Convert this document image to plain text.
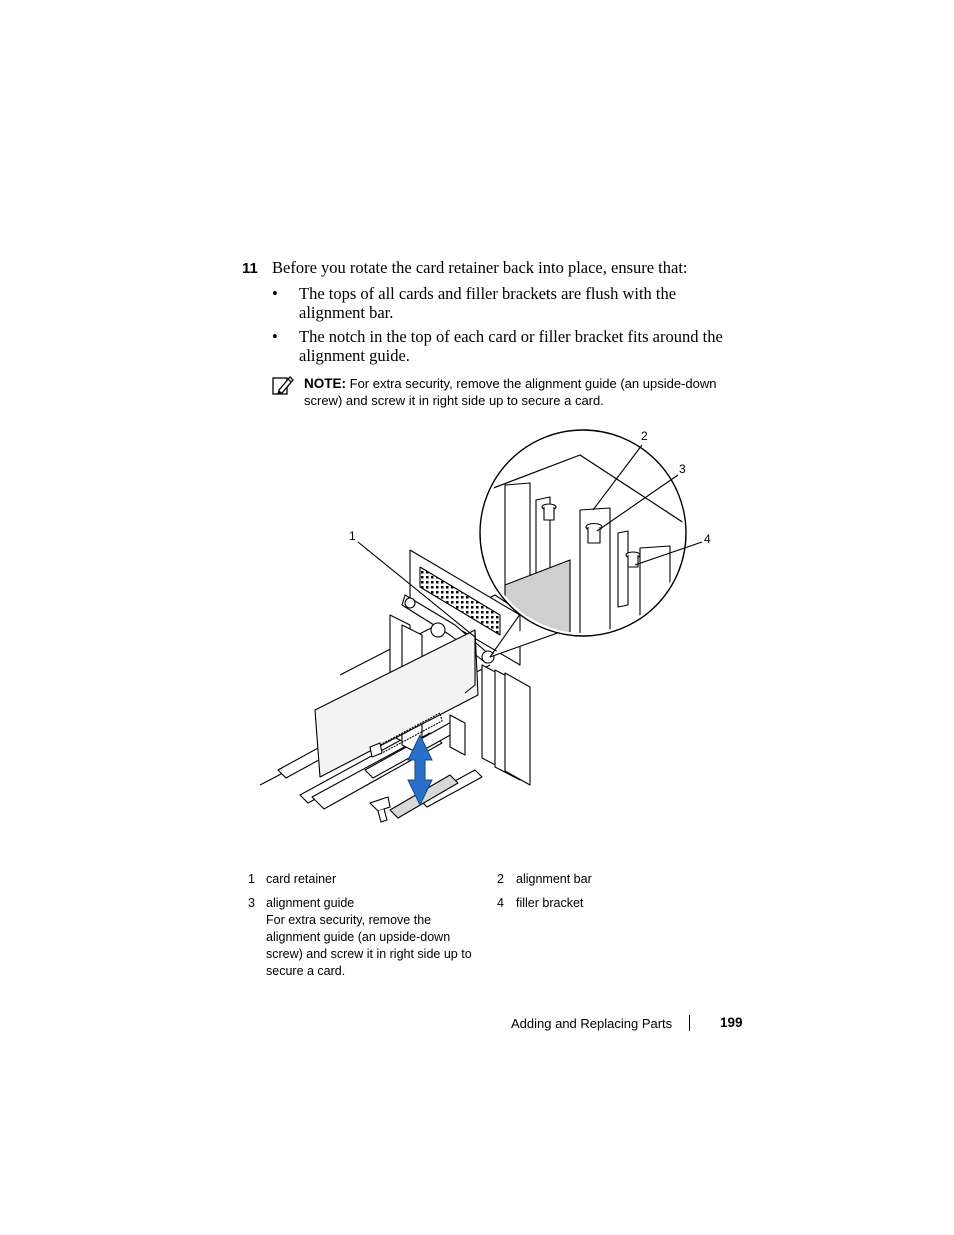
11 Before you rotate the card retainer back into place, ensure that:
• The tops of all cards and filler brackets are flush with the alignment bar.
• The notch in the top of each card or filler bracket fits around the alignment guide.
NOTE: For extra security, remove the alignment guide (an upside-down screw) and screw it in right side up to secure a card.
1
2
3
4
1 card retainer	2 alignment bar
3 alignment guide
For extra security, remove the alignment guide (an upside-down screw) and screw it in right side up to secure a card.
4 filler bracket
Adding and Replacing Parts	199
